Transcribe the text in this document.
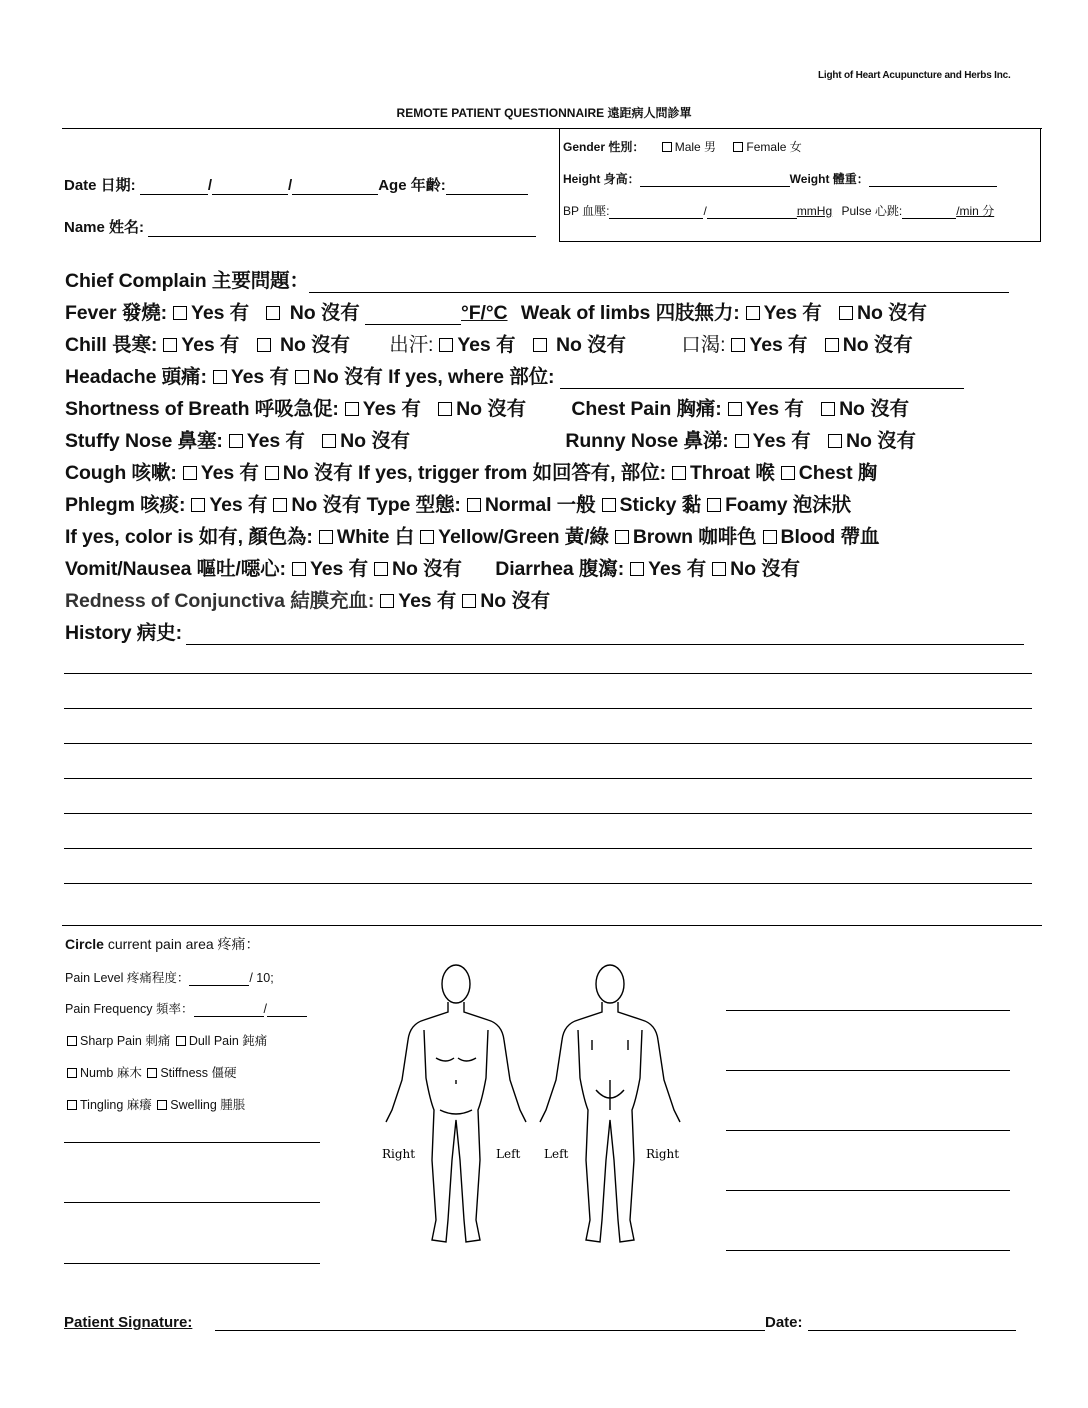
Light of Heart Acupuncture and Herbs Inc.
REMOTE PATIENT QUESTIONNAIRE 遠距病人問診單
Date 日期:	/	/	Age 年齡:
Name 姓名:
Gender 性別：	Male 男	Female 女
Height 身高：	Weight 體重：
BP 血壓:	/	mmHg Pulse 心跳:	/min 分
Chief Complain 主要問題：
Fever 發燒: Yes 有 No 沒有	°F/°C Weak of limbs 四肢無力: Yes 有 No 沒有
Chill 畏寒: Yes 有 No 沒有 出汗: Yes 有 No 沒有	口渴: Yes 有 No 沒有
Headache 頭痛: Yes 有 No 沒有 If yes, where 部位:
Shortness of Breath 呼吸急促: Yes 有 No 沒有 Chest Pain 胸痛: Yes 有 No 沒有
Stuffy Nose 鼻塞: Yes 有 No 沒有	Runny Nose 鼻涕: Yes 有 No 沒有
Cough 咳嗽: Yes 有 No 沒有 If yes, trigger from 如回答有, 部位: Throat 喉 Chest 胸
Phlegm 咳痰: Yes 有 No 沒有 Type 型態: Normal 一般 Sticky 黏 Foamy 泡沫狀
If yes, color is 如有, 顏色為: White 白 Yellow/Green 黃/綠 Brown 咖啡色 Blood 帶血
Vomit/Nausea 嘔吐/噁心: Yes 有 No 沒有 Diarrhea 腹瀉: Yes 有 No 沒有
Redness of Conjunctiva 結膜充血: Yes 有 No 沒有
History 病史:
Circle current pain area 疼痛：
Pain Level 疼痛程度：	/ 10;
Pain Frequency 頻率：	/
Sharp Pain 刺痛 Dull Pain 鈍痛
Numb 麻木 Stiffness 僵硬
Tingling 麻癢 Swelling 腫脹
Right	Left Left	Right
Patient Signature:	Date:
